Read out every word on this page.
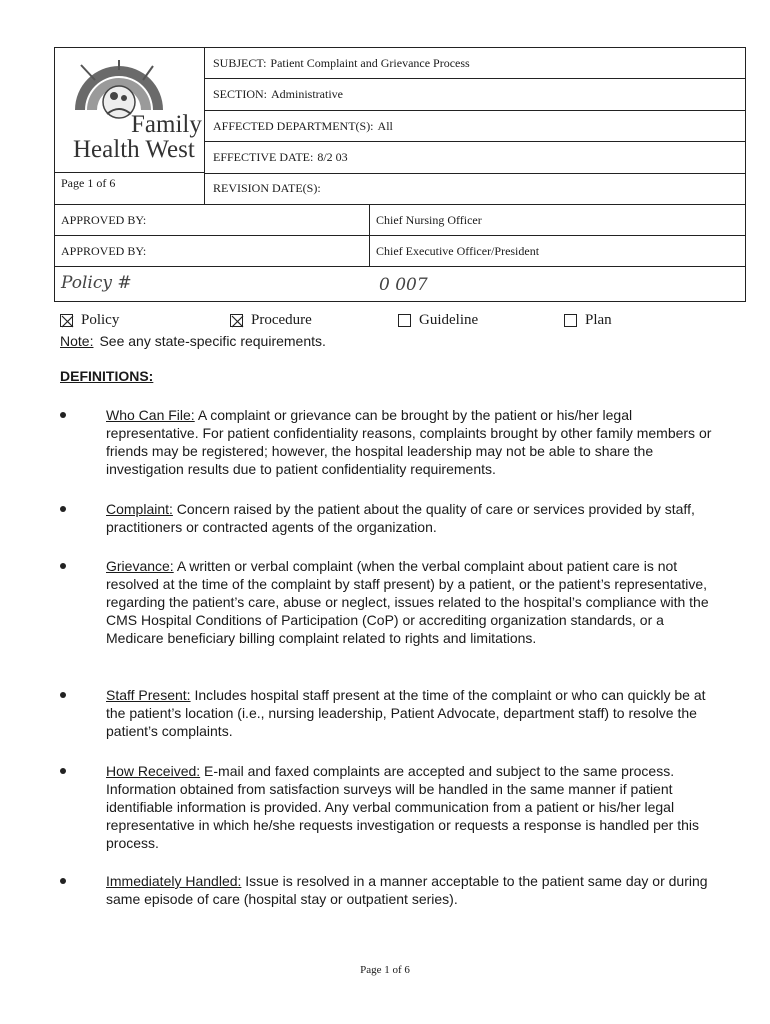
Family
Health West
Page 1 of 6
SUBJECT: Patient Complaint and Grievance Process
SECTION: Administrative
AFFECTED DEPARTMENT(S): All
EFFECTIVE DATE: 8/2 03
REVISION DATE(S):
APPROVED BY:	Chief Nursing Officer
APPROVED BY:	Chief Executive Officer/President
Policy #	0 007
Policy	Procedure	Guideline	Plan
Note: See any state-specific requirements.
DEFINITIONS:
Who Can File: A complaint or grievance can be brought by the patient or his/her legal representative. For patient confidentiality reasons, complaints brought by other family members or friends may be registered; however, the hospital leadership may not be able to share the investigation results due to patient confidentiality requirements.
Complaint: Concern raised by the patient about the quality of care or services provided by staff, practitioners or contracted agents of the organization.
Grievance: A written or verbal complaint (when the verbal complaint about patient care is not resolved at the time of the complaint by staff present) by a patient, or the patient’s representative, regarding the patient’s care, abuse or neglect, issues related to the hospital’s compliance with the CMS Hospital Conditions of Participation (CoP) or accrediting organization standards, or a Medicare beneficiary billing complaint related to rights and limitations.
Staff Present: Includes hospital staff present at the time of the complaint or who can quickly be at the patient’s location (i.e., nursing leadership, Patient Advocate, department staff) to resolve the patient’s complaints.
How Received: E-mail and faxed complaints are accepted and subject to the same process. Information obtained from satisfaction surveys will be handled in the same manner if patient identifiable information is provided. Any verbal communication from a patient or his/her legal representative in which he/she requests investigation or requests a response is handled per this process.
Immediately Handled: Issue is resolved in a manner acceptable to the patient same day or during same episode of care (hospital stay or outpatient series).
Page 1 of 6
